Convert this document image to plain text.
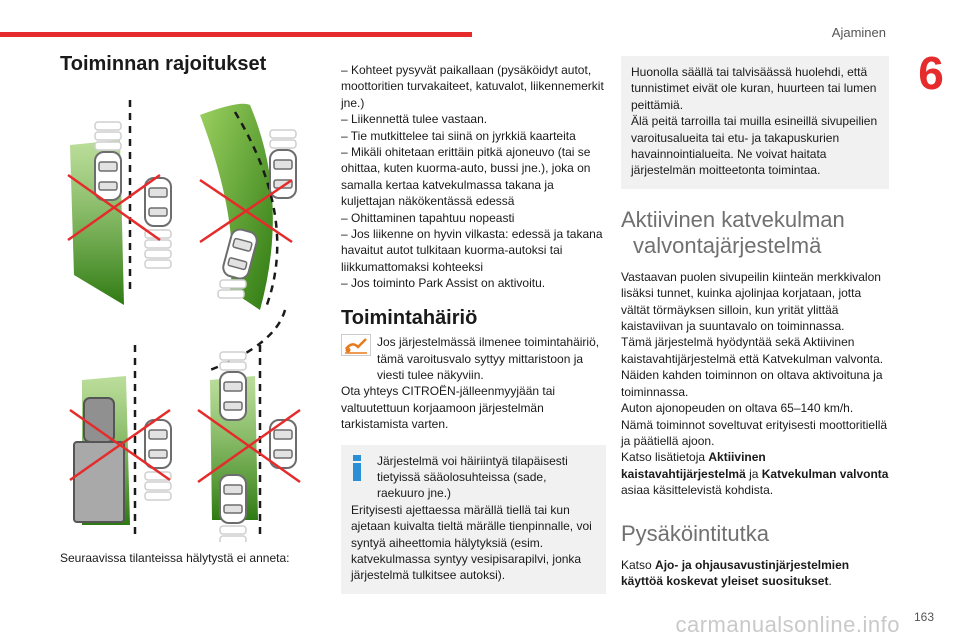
Ajaminen
6
Toiminnan rajoitukset

Seuraavissa tilanteissa hälytystä ei anneta:

– Kohteet pysyvät paikallaan (pysäköidyt autot, moottoritien turvakaiteet, katuvalot, liikennemerkit jne.)

– Liikennettä tulee vastaan.

– Tie mutkittelee tai siinä on jyrkkiä kaarteita

– Mikäli ohitetaan erittäin pitkä ajoneuvo (tai se ohittaa, kuten kuorma-auto, bussi jne.), joka on samalla kertaa katvekulmassa takana ja kuljettajan näkökentässä edessä

– Ohittaminen tapahtuu nopeasti

– Jos liikenne on hyvin vilkasta: edessä ja takana havaitut autot tulkitaan kuorma-autoksi tai liikkumattomaksi kohteeksi

– Jos toiminto Park Assist on aktivoitu.

Toimintahäiriö

Jos järjestelmässä ilmenee toimintahäiriö, tämä varoitusvalo syttyy mittaristoon ja viesti tulee näkyviin.

Ota yhteys CITROËN-jälleenmyyjään tai valtuutettuun korjaamoon järjestelmän tarkistamista varten.

Järjestelmä voi häiriintyä tilapäisesti tietyissä sääolosuhteissa (sade, raekuuro jne.)

Erityisesti ajettaessa märällä tiellä tai kun ajetaan kuivalta tieltä märälle tienpinnalle, voi syntyä aiheettomia hälytyksiä (esim. katvekulmassa syntyy vesipisarapilvi, jonka järjestelmä tulkitsee autoksi).

Huonolla säällä tai talvisäässä huolehdi, että tunnistimet eivät ole kuran, huurteen tai lumen peittämiä.

Älä peitä tarroilla tai muilla esineillä sivupeilien varoitusalueita tai etu- ja takapuskurien havainnointialueita. Ne voivat haitata järjestelmän moitteetonta toimintaa.

Aktiivinen katvekulman
valvontajärjestelmä

Vastaavan puolen sivupeilin kiinteän merkkivalon lisäksi tunnet, kuinka ajolinjaa korjataan, jotta vältät törmäyksen silloin, kun yrität ylittää kaistaviivan ja suuntavalo on toiminnassa.

Tämä järjestelmä hyödyntää sekä Aktiivinen kaistavahtijärjestelmä että Katvekulman valvonta.

Näiden kahden toiminnon on oltava aktivoituna ja toiminnassa.

Auton ajonopeuden on oltava 65–140 km/h.

Nämä toiminnot soveltuvat erityisesti moottoritiellä ja päätiellä ajoon.

Katso lisätietoja Aktiivinen kaistavahtijärjestelmä ja Katvekulman valvonta asiaa käsittelevistä kohdista.

Pysäköintitutka

Katso Ajo- ja ohjausavustinjärjestelmien käyttöä koskevat yleiset suositukset.

carmanualsonline.info 163
